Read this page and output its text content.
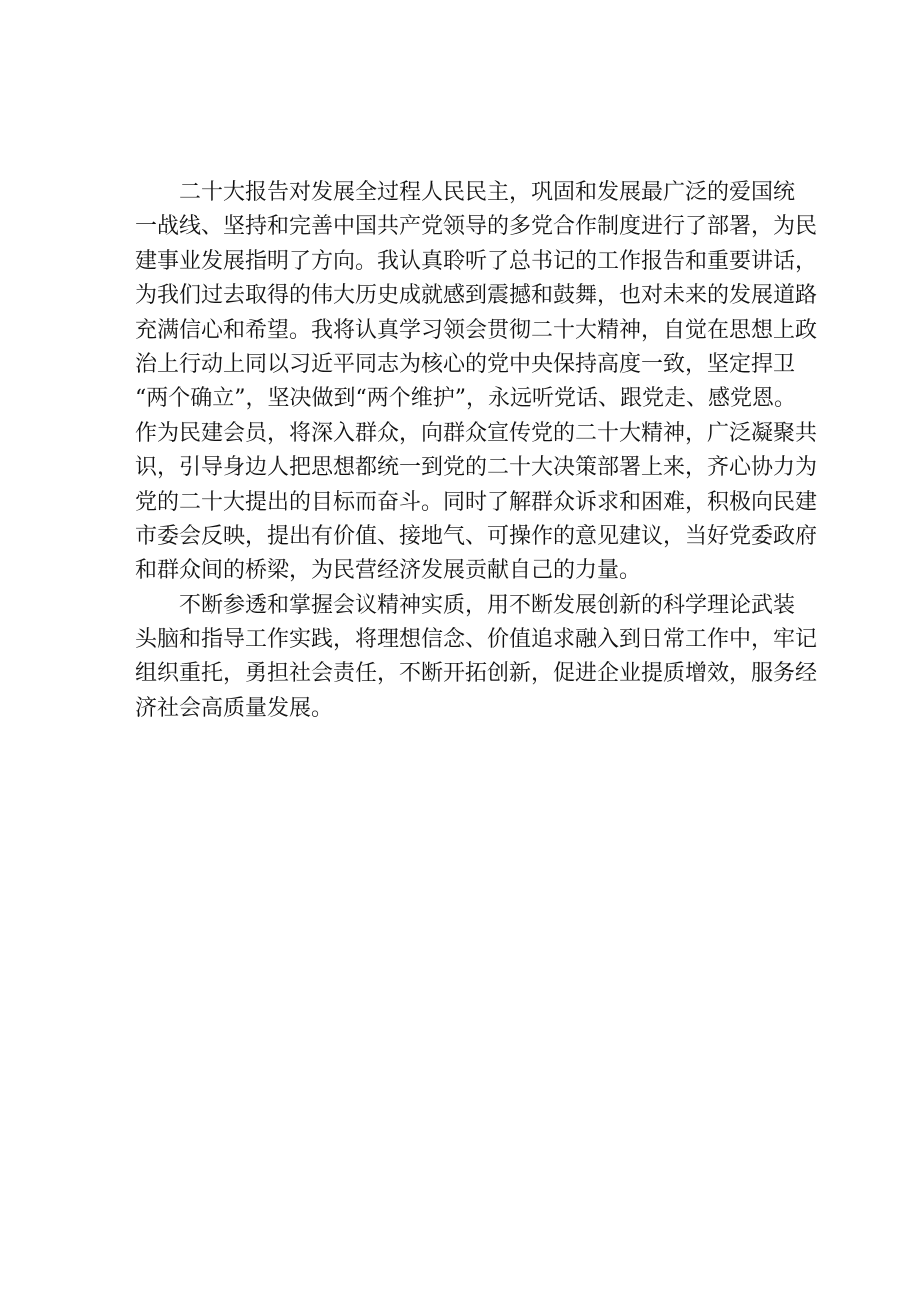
二十大报告对发展全过程人民民主，巩固和发展最广泛的爱国统
一战线、坚持和完善中国共产党领导的多党合作制度进行了部署，为民
建事业发展指明了方向。我认真聆听了总书记的工作报告和重要讲话，
为我们过去取得的伟大历史成就感到震撼和鼓舞，也对未来的发展道路
充满信心和希望。我将认真学习领会贯彻二十大精神，自觉在思想上政
治上行动上同以习近平同志为核心的党中央保持高度一致，坚定捍卫
“两个确立”，坚决做到“两个维护”，永远听党话、跟党走、感党恩。
作为民建会员，将深入群众，向群众宣传党的二十大精神，广泛凝聚共
识，引导身边人把思想都统一到党的二十大决策部署上来，齐心协力为
党的二十大提出的目标而奋斗。同时了解群众诉求和困难，积极向民建
市委会反映，提出有价值、接地气、可操作的意见建议，当好党委政府
和群众间的桥梁，为民营经济发展贡献自己的力量。

不断参透和掌握会议精神实质，用不断发展创新的科学理论武装
头脑和指导工作实践，将理想信念、价值追求融入到日常工作中，牢记
组织重托，勇担社会责任，不断开拓创新，促进企业提质增效，服务经
济社会高质量发展。
